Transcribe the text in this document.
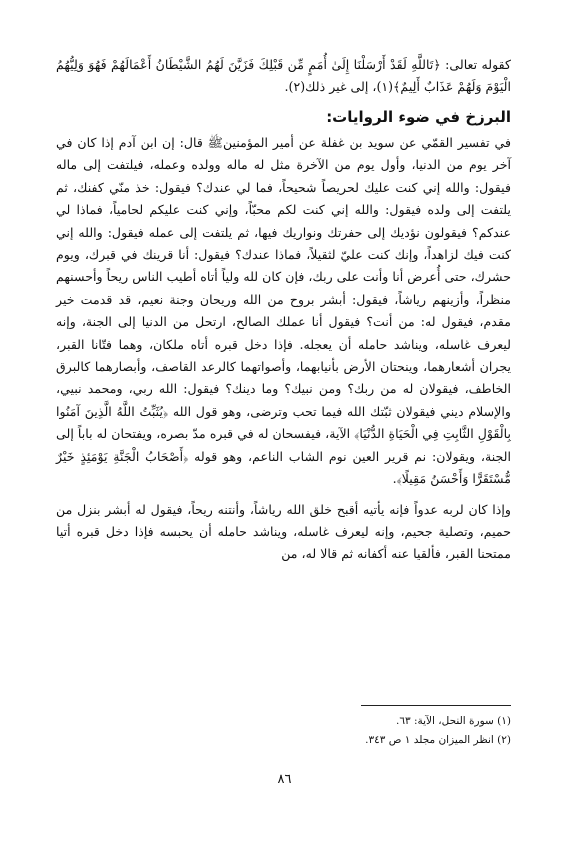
كقوله تعالى: ﴿تَاللَّهِ لَقَدْ أَرْسَلْنَا إِلَىٰ أُمَمٍ مِّن قَبْلِكَ فَزَيَّنَ لَهُمُ الشَّيْطَانُ أَعْمَالَهُمْ فَهُوَ وَلِيُّهُمُ الْيَوْمَ وَلَهُمْ عَذَابٌ أَلِيمٌ﴾(١)، إلى غير ذلك(٢).

البرزخ في ضوء الروايات:

في تفسير القمّي عن سويد بن غفلة عن أمير المؤمنينﷺ قال: إن ابن آدم إذا كان في آخر يوم من الدنيا، وأول يوم من الآخرة مثل له ماله وولده وعمله، فيلتفت إلى ماله فيقول: والله إني كنت عليك لحريصاً شحيحاً، فما لي عندك؟ فيقول: خذ منّي كفنك، ثم يلتفت إلى ولده فيقول: والله إني كنت لكم محبّاً، وإني كنت عليكم لحامياً، فماذا لي عندكم؟ فيقولون نؤديك إلى حفرتك ونواريك فيها، ثم يلتفت إلى عمله فيقول: والله إني كنت فيك لزاهداً، وإنك كنت عليّ لثقيلاً، فماذا عندك؟ فيقول: أنا قرينك في قبرك، ويوم حشرك، حتى أُعرض أنا وأنت على ربك، فإن كان لله ولياً أتاه أطيب الناس ريحاً وأحسنهم منظراً، وأزينهم رياشاً، فيقول: أبشر بروح من الله وريحان وجنة نعيم، قد قدمت خير مقدم، فيقول له: من أنت؟ فيقول أنا عملك الصالح، ارتحل من الدنيا إلى الجنة، وإنه ليعرف غاسله، ويناشد حامله أن يعجله. فإذا دخل قبره أتاه ملكان، وهما فتّانا القبر، يجران أشعارهما، وينحتان الأرض بأنيابهما، وأصواتهما كالرعد القاصف، وأبصارهما كالبرق الخاطف، فيقولان له من ربك؟ ومن نبيك؟ وما دينك؟ فيقول: الله ربي، ومحمد نبيي، والإسلام ديني فيقولان ثبّتك الله فيما تحب وترضى، وهو قول الله ﴿يُثَبِّتُ اللَّهُ الَّذِينَ آمَنُوا بِالْقَوْلِ الثَّابِتِ فِي الْحَيَاةِ الدُّنْيَا﴾ الآية، فيفسحان له في قبره مدّ بصره، ويفتحان له باباً إلى الجنة، ويقولان: نم قرير العين نوم الشاب الناعم، وهو قوله ﴿أَصْحَابُ الْجَنَّةِ يَوْمَئِذٍ خَيْرٌ مُّسْتَقَرًّا وَأَحْسَنُ مَقِيلًا﴾.

وإذا كان لربه عدواً فإنه يأتيه أقبح خلق الله رياشاً، وأنتنه ريحاً، فيقول له أبشر بنزل من حميم، وتصلية جحيم، وإنه ليعرف غاسله، ويناشد حامله أن يحبسه فإذا دخل قبره أتيا ممتحنا القبر، فألقيا عنه أكفانه ثم قالا له، من

(١) سورة النحل، الآية: ٦٣.

(٢) انظر الميزان مجلد ١ ص ٣٤٣.

٨٦
